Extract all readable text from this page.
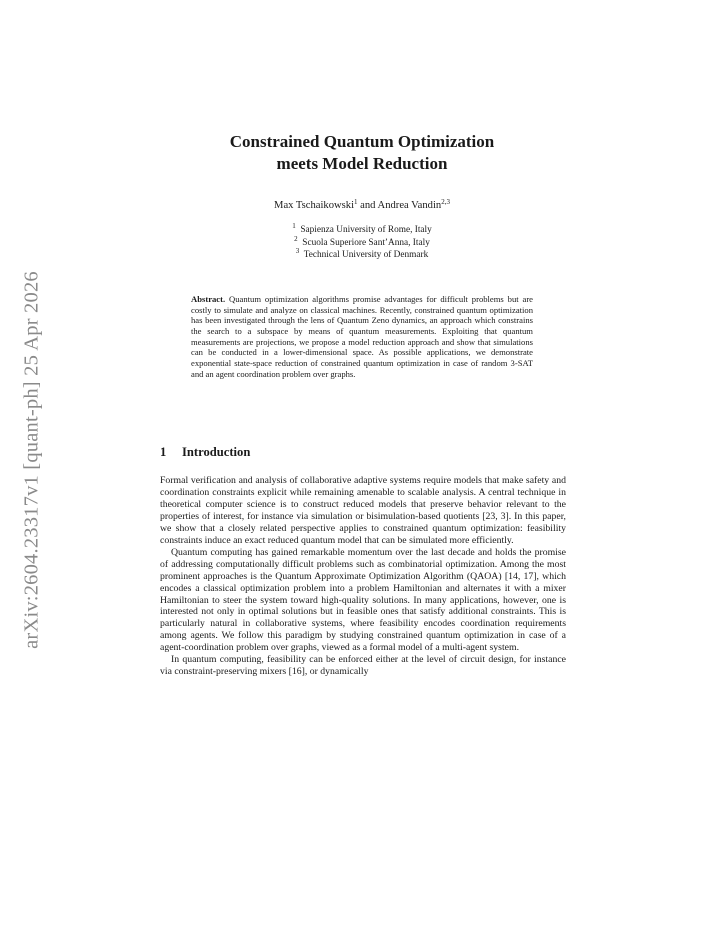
arXiv:2604.23317v1 [quant-ph] 25 Apr 2026
Constrained Quantum Optimization
meets Model Reduction
Max Tschaikowski$^1$ and Andrea Vandin$^{2,3}$
$^1$ Sapienza University of Rome, Italy
$^2$ Scuola Superiore Sant’Anna, Italy
$^3$ Technical University of Denmark
Abstract. Quantum optimization algorithms promise advantages for difficult problems but are costly to simulate and analyze on classical machines. Recently, constrained quantum optimization has been investigated through the lens of Quantum Zeno dynamics, an approach which constrains the search to a subspace by means of quantum measurements. Exploiting that quantum measurements are projections, we propose a model reduction approach and show that simulations can be conducted in a lower-dimensional space. As possible applications, we demonstrate exponential state-space reduction of constrained quantum optimization in case of random 3-SAT and an agent coordination problem over graphs.
1 Introduction

Formal verification and analysis of collaborative adaptive systems require models that make safety and coordination constraints explicit while remaining amenable to scalable analysis. A central technique in theoretical computer science is to construct reduced models that preserve behavior relevant to the properties of interest, for instance via simulation or bisimulation-based quotients [23, 3]. In this paper, we show that a closely related perspective applies to constrained quantum optimization: feasibility constraints induce an exact reduced quantum model that can be simulated more efficiently.

Quantum computing has gained remarkable momentum over the last decade and holds the promise of addressing computationally difficult problems such as combinatorial optimization. Among the most prominent approaches is the Quantum Approximate Optimization Algorithm (QAOA) [14, 17], which encodes a classical optimization problem into a problem Hamiltonian and alternates it with a mixer Hamiltonian to steer the system toward high-quality solutions. In many applications, however, one is interested not only in optimal solutions but in feasible ones that satisfy additional constraints. This is particularly natural in collaborative systems, where feasibility encodes coordination requirements among agents. We follow this paradigm by studying constrained quantum optimization in case of a agent-coordination problem over graphs, viewed as a formal model of a multi-agent system.

In quantum computing, feasibility can be enforced either at the level of circuit design, for instance via constraint-preserving mixers [16], or dynamically
